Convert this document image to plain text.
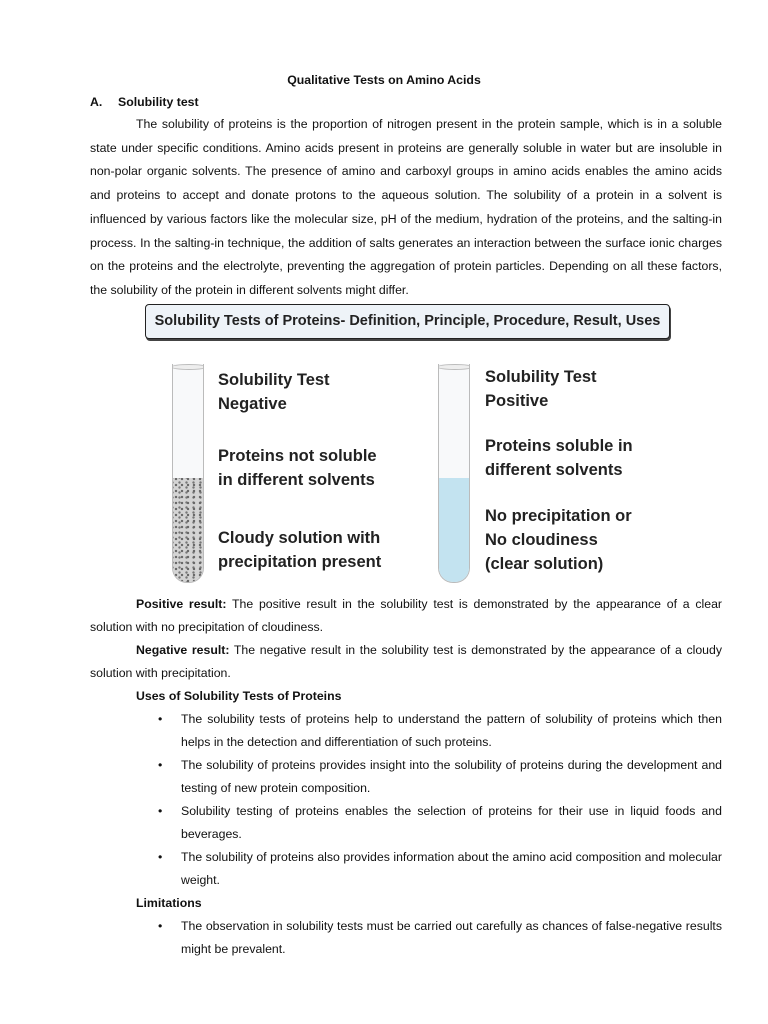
Qualitative Tests on Amino Acids
A. Solubility test

The solubility of proteins is the proportion of nitrogen present in the protein sample, which is in a soluble state under specific conditions. Amino acids present in proteins are generally soluble in water but are insoluble in non-polar organic solvents. The presence of amino and carboxyl groups in amino acids enables the amino acids and proteins to accept and donate protons to the aqueous solution. The solubility of a protein in a solvent is influenced by various factors like the molecular size, pH of the medium, hydration of the proteins, and the salting-in process. In the salting-in technique, the addition of salts generates an interaction between the surface ionic charges on the proteins and the electrolyte, preventing the aggregation of protein particles. Depending on all these factors, the solubility of the protein in different solvents might differ.

Solubility Tests of Proteins- Definition, Principle, Procedure, Result, Uses
Solubility Test
Negative
Proteins not soluble
in different solvents
Cloudy solution with
precipitation present
Solubility Test
Positive
Proteins soluble in
different solvents
No precipitation or
No cloudiness
(clear solution)

Positive result: The positive result in the solubility test is demonstrated by the appearance of a clear solution with no precipitation of cloudiness.

Negative result: The negative result in the solubility test is demonstrated by the appearance of a cloudy solution with precipitation.

Uses of Solubility Tests of Proteins

• The solubility tests of proteins help to understand the pattern of solubility of proteins which then helps in the detection and differentiation of such proteins.
• The solubility of proteins provides insight into the solubility of proteins during the development and testing of new protein composition.
• Solubility testing of proteins enables the selection of proteins for their use in liquid foods and beverages.
• The solubility of proteins also provides information about the amino acid composition and molecular weight.

Limitations

• The observation in solubility tests must be carried out carefully as chances of false-negative results might be prevalent.
